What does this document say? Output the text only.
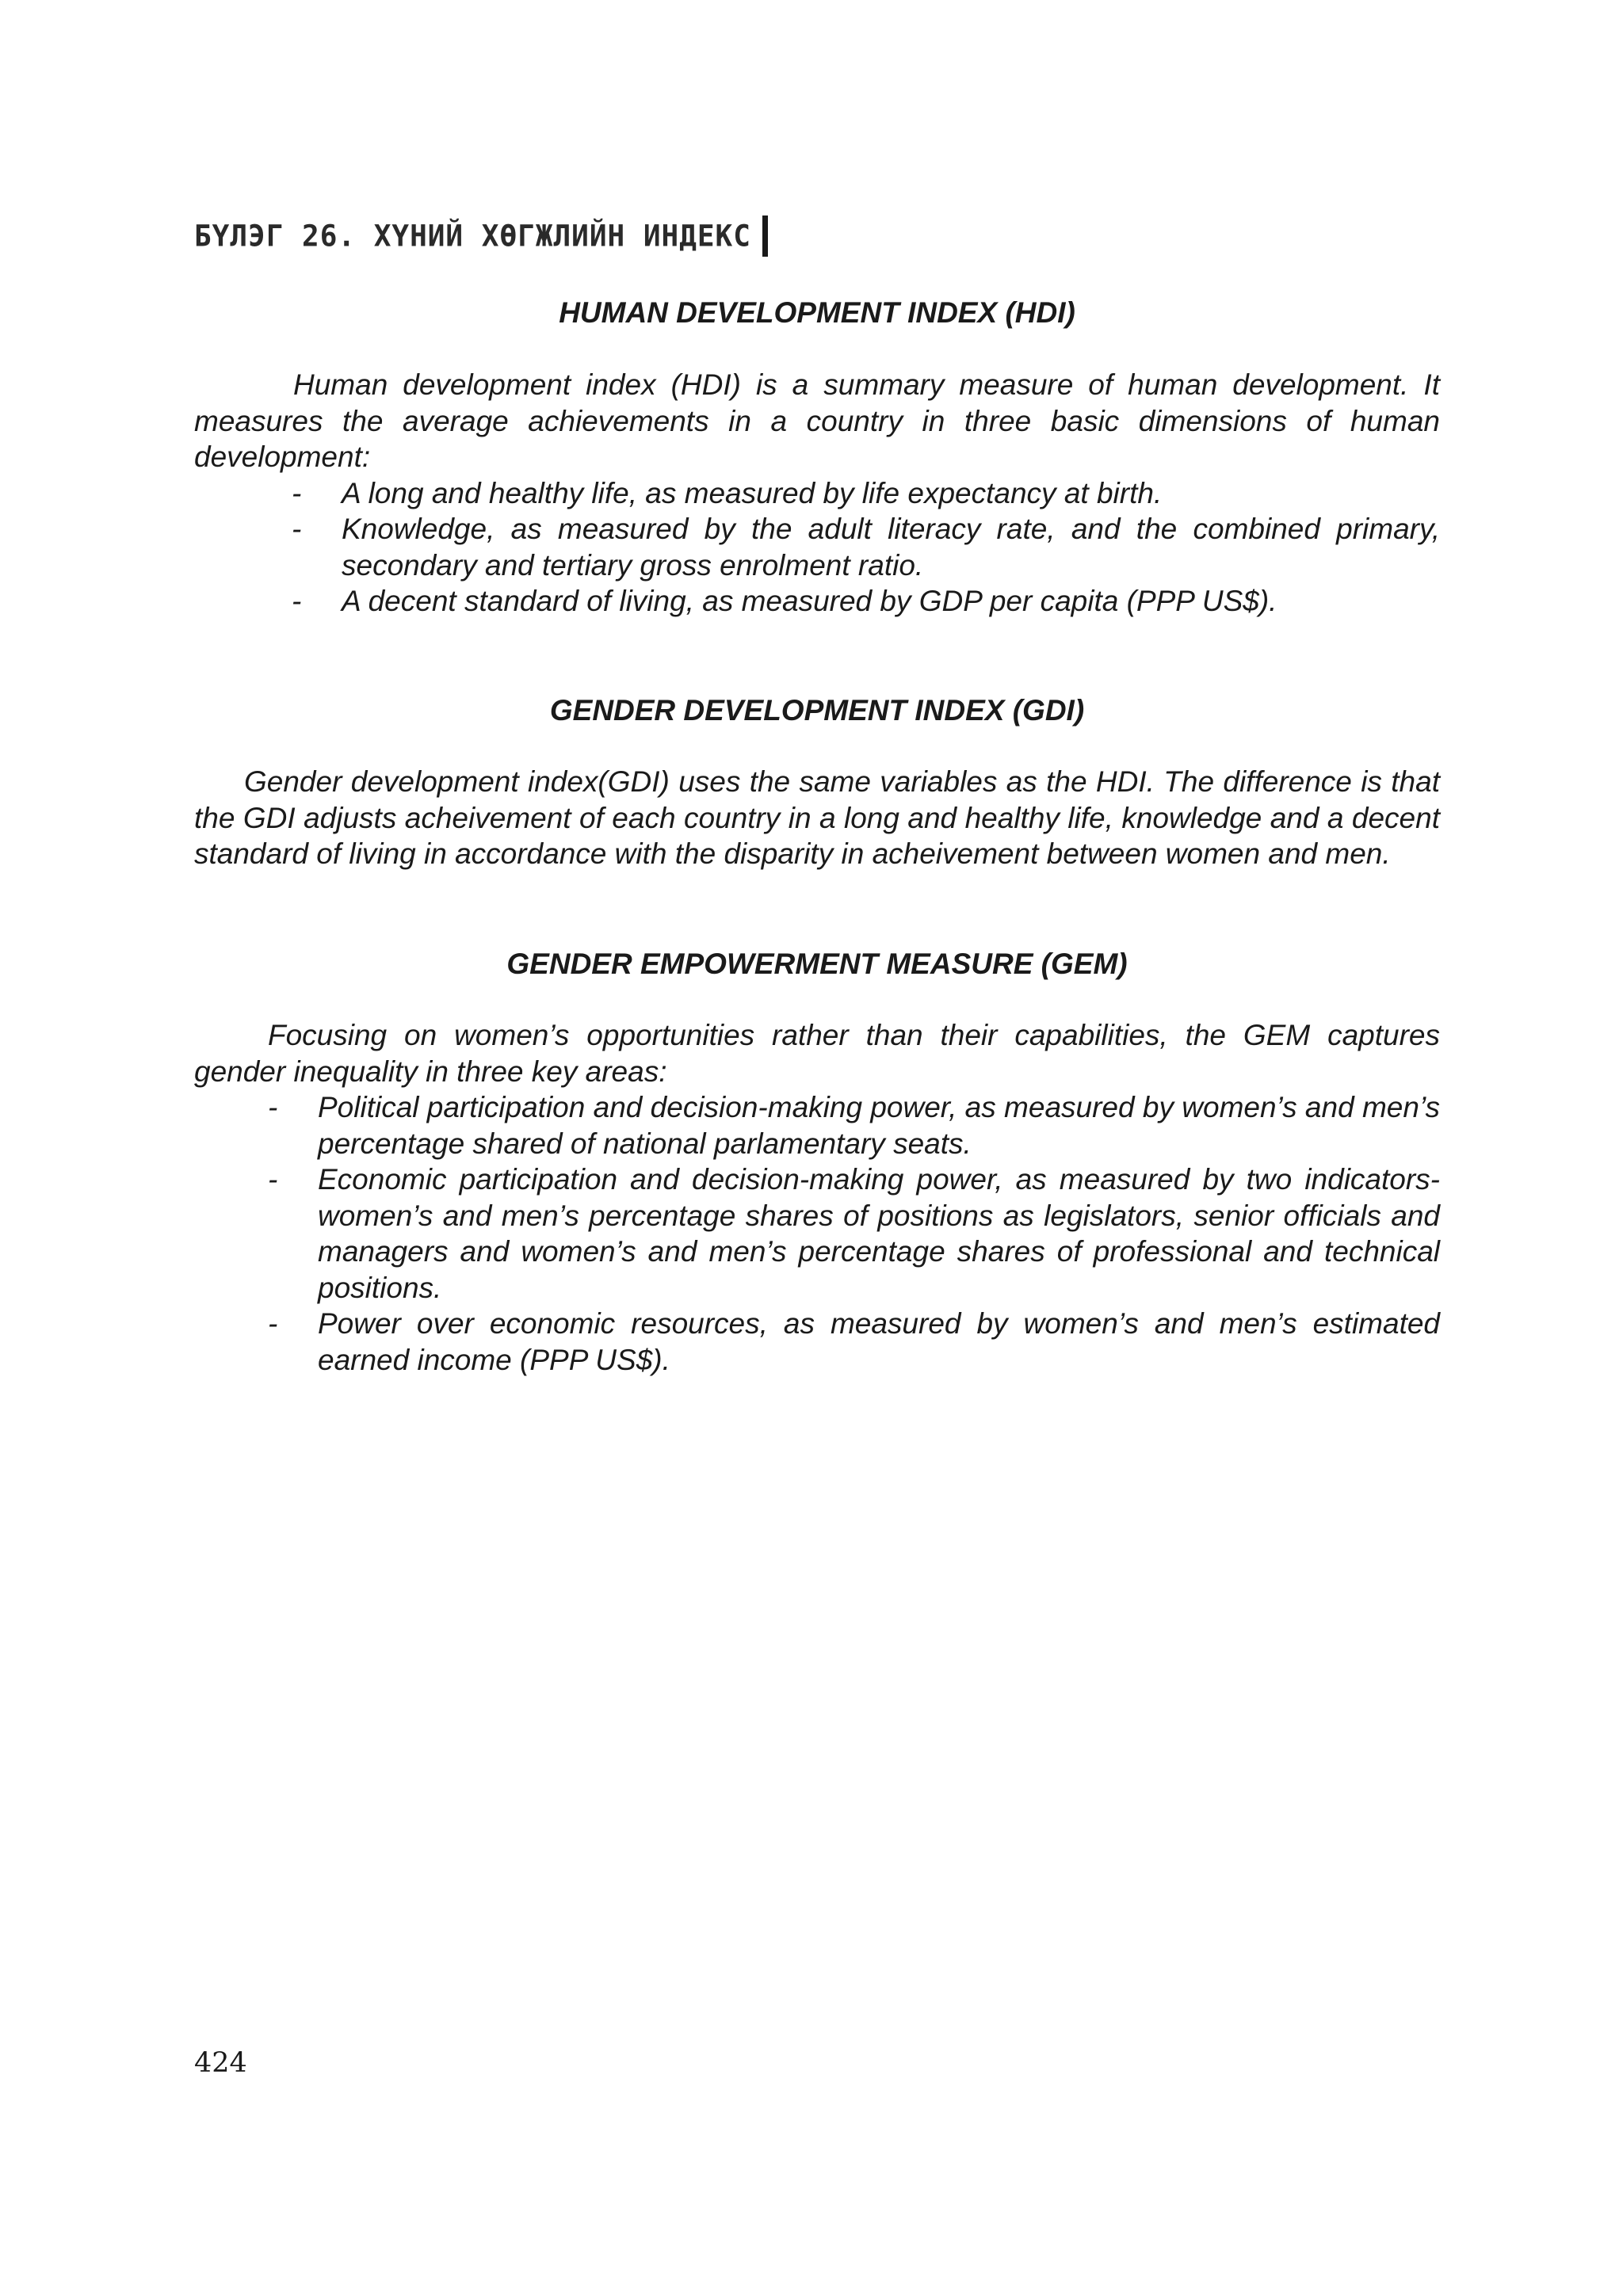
БҮЛЭГ 26. ХҮНИЙ ХӨГЖЛИЙН ИНДЕКС
HUMAN DEVELOPMENT INDEX (HDI)

Human development index (HDI) is a summary measure of human development. It measures the average achievements in a country in three basic dimensions of human development:

- A long and healthy life, as measured by life expectancy at birth.
- Knowledge, as measured by the adult literacy rate, and the combined primary, secondary and tertiary gross enrolment ratio.
- A decent standard of living, as measured by GDP per capita (PPP US$).
GENDER DEVELOPMENT INDEX (GDI)

Gender development index(GDI) uses the same variables as the HDI. The difference is that the GDI adjusts acheivement of each country in a long and healthy life, knowledge and a decent standard of living in accordance with the disparity in acheivement between women and men.

GENDER EMPOWERMENT MEASURE (GEM)

Focusing on women’s opportunities rather than their capabilities, the GEM captures gender inequality in three key areas:

- Political participation and decision-making power, as measured by women’s and men’s percentage shared of national parlamentary seats.
- Economic participation and decision-making power, as measured by two indicators-women’s and men’s percentage shares of positions as legislators, senior officials and managers and women’s and men’s percentage shares of professional and technical positions.
- Power over economic resources, as measured by women’s and men’s estimated earned income (PPP US$).
424
